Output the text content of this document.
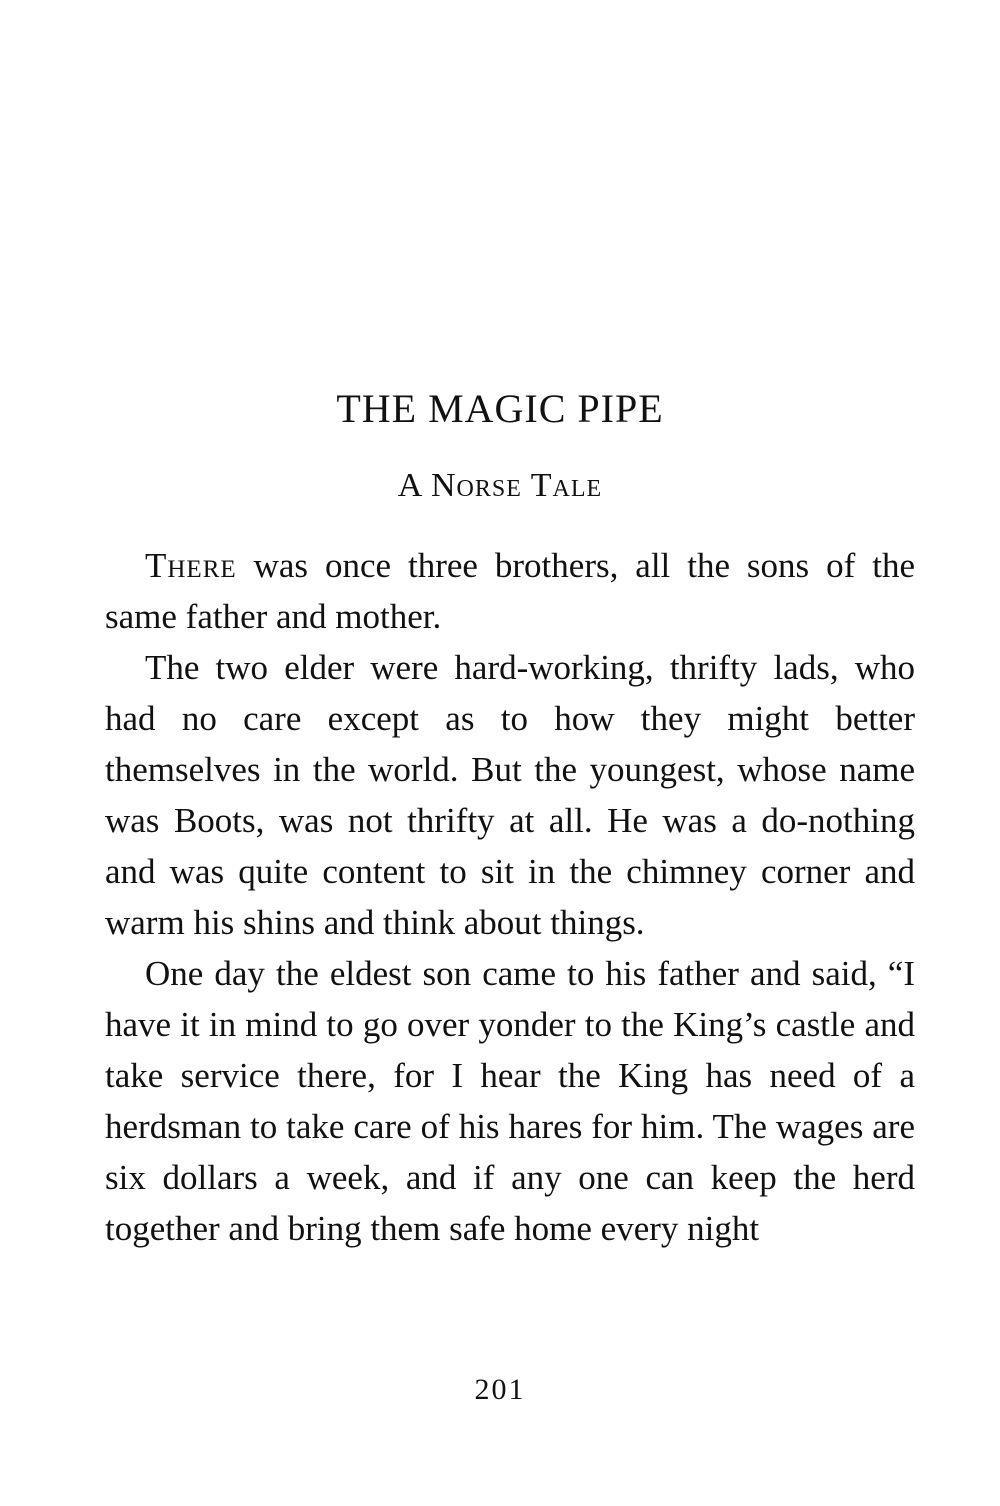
THE MAGIC PIPE
A Norse Tale

There was once three brothers, all the sons of the same father and mother.

The two elder were hard-working, thrifty lads, who had no care except as to how they might better themselves in the world. But the youngest, whose name was Boots, was not thrifty at all. He was a do-nothing and was quite content to sit in the chimney corner and warm his shins and think about things.

One day the eldest son came to his father and said, “I have it in mind to go over yonder to the King’s castle and take service there, for I hear the King has need of a herdsman to take care of his hares for him. The wages are six dollars a week, and if any one can keep the herd together and bring them safe home every night

201
